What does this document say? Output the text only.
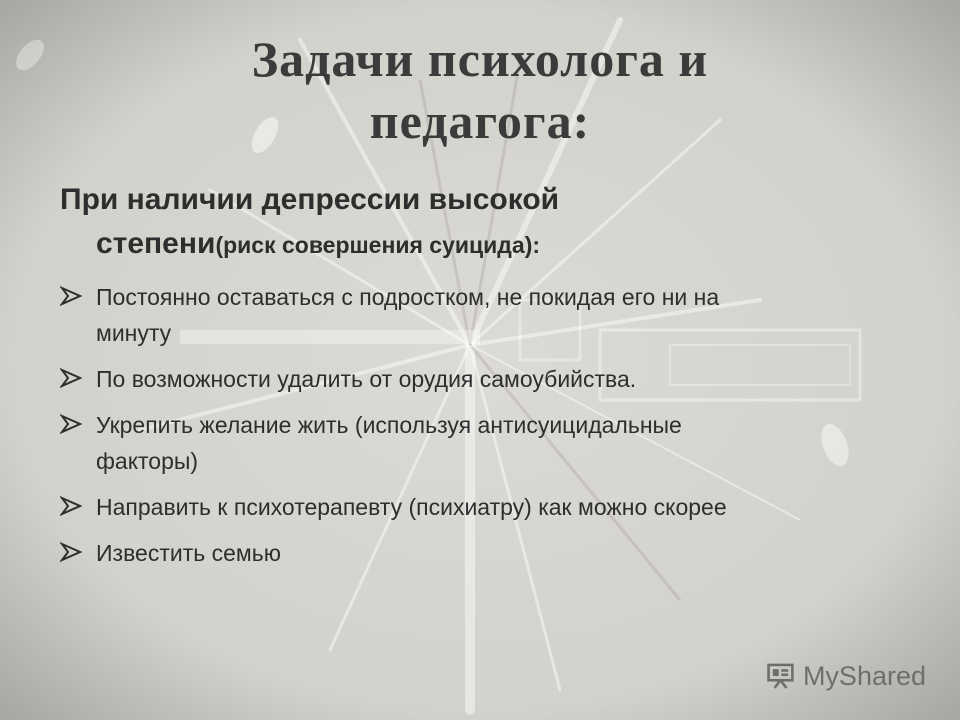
Задачи психолога и
педагога:
При наличии депрессии высокой
степени(риск совершения суицида):
Постоянно оставаться с подростком, не покидая его ни на
минуту
По возможности удалить от орудия самоубийства.
Укрепить желание жить (используя антисуицидальные
факторы)
Направить к психотерапевту (психиатру) как можно скорее
Известить семью
MyShared
